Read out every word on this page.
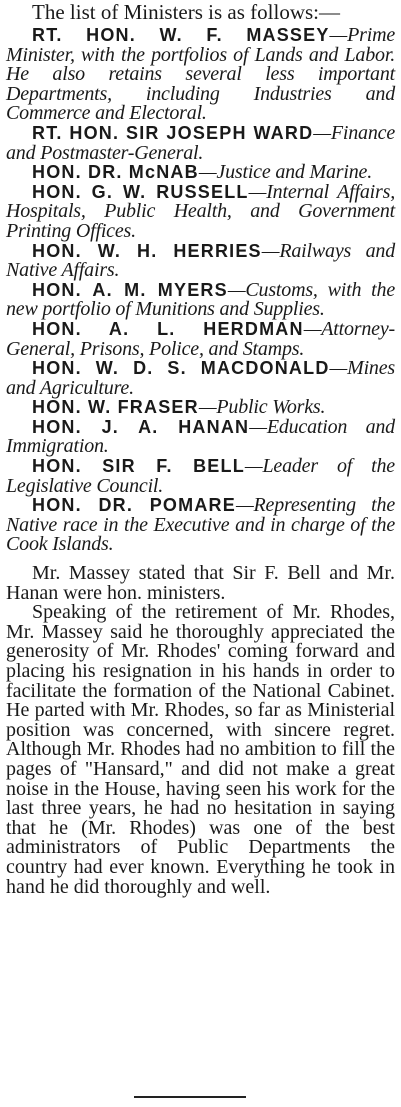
The list of Ministers is as follows:—

RT. HON. W. F. MASSEY—Prime Minister, with the portfolios of Lands and Labor. He also retains several less important Departments, including Industries and Commerce and Electoral.

RT. HON. SIR JOSEPH WARD—Finance and Postmaster-General.

HON. DR. McNAB—Justice and Marine.

HON. G. W. RUSSELL—Internal Affairs, Hospitals, Public Health, and Government Printing Offices.

HON. W. H. HERRIES—Railways and Native Affairs.

HON. A. M. MYERS—Customs, with the new portfolio of Munitions and Supplies.

HON. A. L. HERDMAN—Attorney-General, Prisons, Police, and Stamps.

HON. W. D. S. MACDONALD—Mines and Agriculture.

HON. W. FRASER—Public Works.

HON. J. A. HANAN—Education and Immigration.

HON. SIR F. BELL—Leader of the Legislative Council.

HON. DR. POMARE—Representing the Native race in the Executive and in charge of the Cook Islands.

Mr. Massey stated that Sir F. Bell and Mr. Hanan were hon. ministers.

Speaking of the retirement of Mr. Rhodes, Mr. Massey said he thoroughly appreciated the generosity of Mr. Rhodes' coming forward and placing his resignation in his hands in order to facilitate the formation of the National Cabinet. He parted with Mr. Rhodes, so far as Ministerial position was concerned, with sincere regret. Although Mr. Rhodes had no ambition to fill the pages of "Hansard," and did not make a great noise in the House, having seen his work for the last three years, he had no hesitation in saying that he (Mr. Rhodes) was one of the best administrators of Public Departments the country had ever known. Everything he took in hand he did thoroughly and well.
